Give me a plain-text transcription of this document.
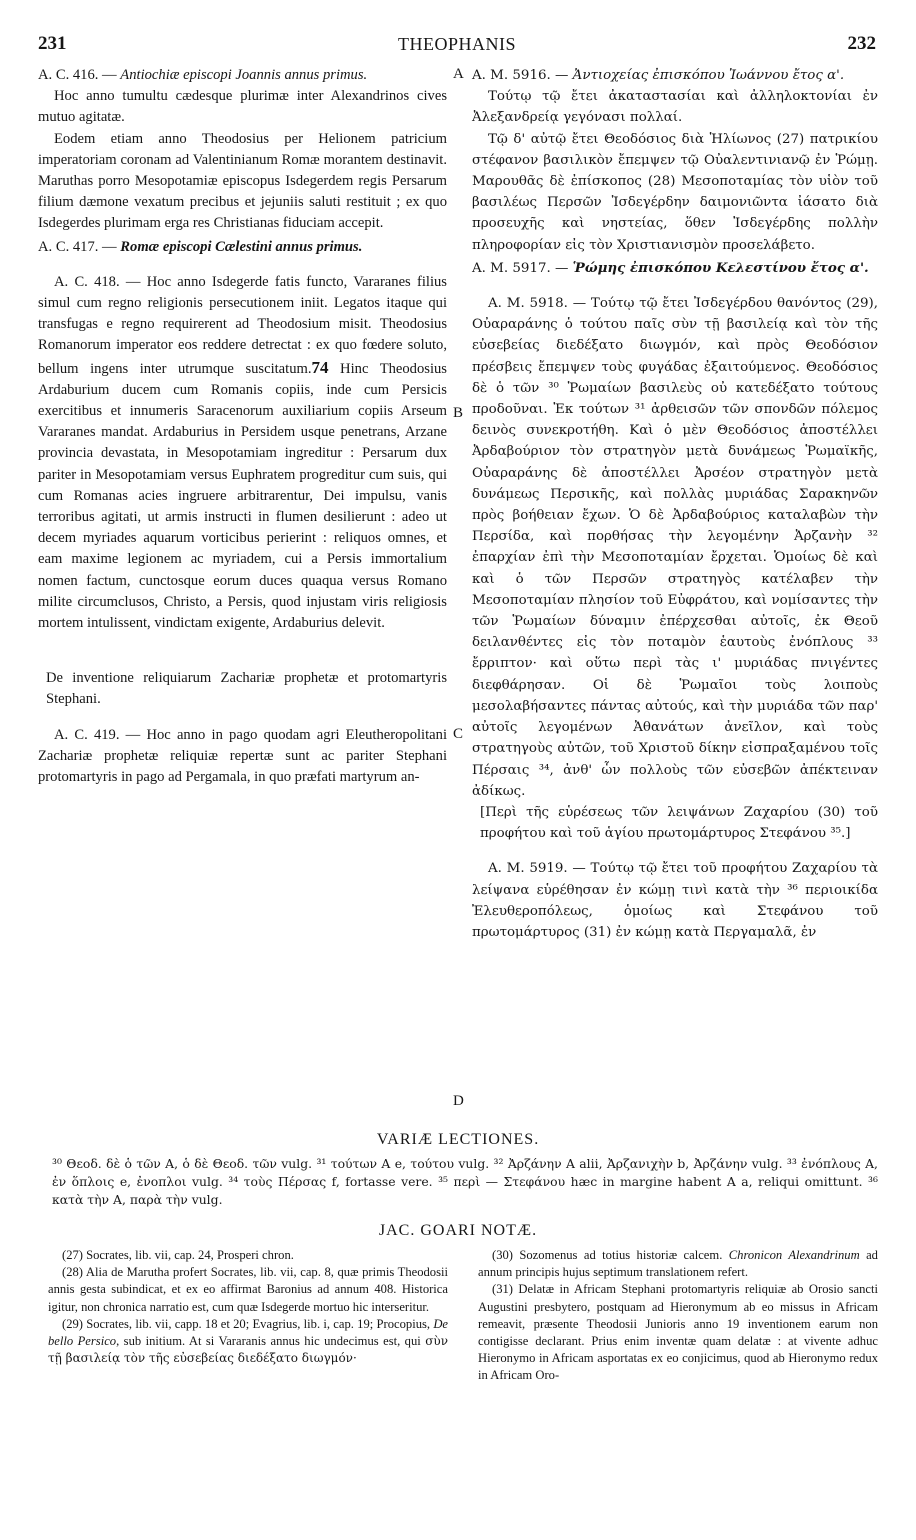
231	THEOPHANIS	232
A
B
C
D

A. C. 416. — Antiochiæ episcopi Joannis annus primus.

Hoc anno tumultu cædesque plurimæ inter Alexandrinos cives mutuo agitatæ.

Eodem etiam anno Theodosius per Helionem patricium imperatoriam coronam ad Valentinianum Romæ morantem destinavit. Maruthas porro Mesopotamiæ episcopus Isdegerdem regis Persarum filium dæmone vexatum precibus et jejuniis saluti restituit ; ex quo Isdegerdes plurimam erga res Christianas fiduciam accepit.

A. C. 417. — Romæ episcopi Cælestini annus primus.

A. C. 418. — Hoc anno Isdegerde fatis functo, Vararanes filius simul cum regno religionis persecutionem iniit. Legatos itaque qui transfugas e regno requirerent ad Theodosium misit. Theodosius Romanorum imperator eos reddere detrectat : ex quo fœdere soluto, bellum ingens inter utrumque suscitatum.74 Hinc Theodosius Ardaburium ducem cum Romanis copiis, inde cum Persicis exercitibus et innumeris Saracenorum auxiliarium copiis Arseum Vararanes mandat. Ardaburius in Persidem usque penetrans, Arzane provincia devastata, in Mesopotamiam ingreditur : Persarum dux pariter in Mesopotamiam versus Euphratem progreditur cum suis, qui cum Romanas acies ingruere arbitrarentur, Dei impulsu, vanis terroribus agitati, ut armis instructi in flumen desilierunt : adeo ut decem myriades aquarum vorticibus perierint : reliquos omnes, et eam maxime legionem ac myriadem, cui a Persis immortalium nomen factum, cunctosque eorum duces quaqua versus Romano milite circumclusos, Christo, a Persis, quod injustam viris religiosis mortem intulissent, vindictam exigente, Ardaburius delevit.

De inventione reliquiarum Zachariæ prophetæ et protomartyris Stephani.

A. C. 419. — Hoc anno in pago quodam agri Eleutheropolitani Zachariæ prophetæ reliquiæ repertæ sunt ac pariter Stephani protomartyris in pago ad Pergamala, in quo præfati martyrum an-

A. M. 5916. — Ἀντιοχείας ἐπισκόπου Ἰωάννου ἔτος α'.

Τούτῳ τῷ ἔτει ἀκαταστασίαι καὶ ἀλληλοκτονίαι ἐν Ἀλεξανδρείᾳ γεγόνασι πολλαί.

Τῷ δ' αὐτῷ ἔτει Θεοδόσιος διὰ Ἡλίωνος (27) πατρικίου στέφανον βασιλικὸν ἔπεμψεν τῷ Οὐαλεντινιανῷ ἐν Ῥώμῃ. Μαρουθᾶς δὲ ἐπίσκοπος (28) Μεσοποταμίας τὸν υἱὸν τοῦ βασιλέως Περσῶν Ἰσδεγέρδην δαιμονιῶντα ἰάσατο διὰ προσευχῆς καὶ νηστείας, ὅθεν Ἰσδεγέρδης πολλὴν πληροφορίαν εἰς τὸν Χριστιανισμὸν προσελάβετο.

A. M. 5917. — Ῥώμης ἐπισκόπου Κελεστίνου ἔτος α'.

A. M. 5918. — Τούτῳ τῷ ἔτει Ἰσδεγέρδου θανόντος (29), Οὐαραράνης ὁ τούτου παῖς σὺν τῇ βασιλείᾳ καὶ τὸν τῆς εὐσεβείας διεδέξατο διωγμόν, καὶ πρὸς Θεοδόσιον πρέσβεις ἔπεμψεν τοὺς φυγάδας ἐξαιτούμενος. Θεοδόσιος δὲ ὁ τῶν ³⁰ Ῥωμαίων βασιλεὺς οὐ κατεδέξατο τούτους προδοῦναι. Ἐκ τούτων ³¹ ἀρθεισῶν τῶν σπονδῶν πόλεμος δεινὸς συνεκροτήθη. Καὶ ὁ μὲν Θεοδόσιος ἀποστέλλει Ἀρδαβούριον τὸν στρατηγὸν μετὰ δυνάμεως Ῥωμαϊκῆς, Οὐαραράνης δὲ ἀποστέλλει Ἀρσέον στρατηγὸν μετὰ δυνάμεως Περσικῆς, καὶ πολλὰς μυριάδας Σαρακηνῶν πρὸς βοήθειαν ἔχων. Ὁ δὲ Ἀρδαβούριος καταλαβὼν τὴν Περσίδα, καὶ πορθήσας τὴν λεγομένην Ἀρζανὴν ³² ἐπαρχίαν ἐπὶ τὴν Μεσοποταμίαν ἔρχεται. Ὁμοίως δὲ καὶ καὶ ὁ τῶν Περσῶν στρατηγὸς κατέλαβεν τὴν Μεσοποταμίαν πλησίον τοῦ Εὐφράτου, καὶ νομίσαντες τὴν τῶν Ῥωμαίων δύναμιν ἐπέρχεσθαι αὐτοῖς, ἐκ Θεοῦ δειλανθέντες εἰς τὸν ποταμὸν ἑαυτοὺς ἐνόπλους ³³ ἔρριπτον· καὶ οὕτω περὶ τὰς ι' μυριάδας πνιγέντες διεφθάρησαν. Οἱ δὲ Ῥωμαῖοι τοὺς λοιποὺς μεσολαβήσαντες πάντας αὐτούς, καὶ τὴν μυριάδα τῶν παρ' αὐτοῖς λεγομένων Ἀθανάτων ἀνεῖλον, καὶ τοὺς στρατηγοὺς αὐτῶν, τοῦ Χριστοῦ δίκην εἰσπραξαμένου τοῖς Πέρσαις ³⁴, ἀνθ' ὧν πολλοὺς τῶν εὐσεβῶν ἀπέκτειναν ἀδίκως.

[Περὶ τῆς εὑρέσεως τῶν λειψάνων Ζαχαρίου (30) τοῦ προφήτου καὶ τοῦ ἁγίου πρωτομάρτυρος Στεφάνου ³⁵.]

A. M. 5919. — Τούτῳ τῷ ἔτει τοῦ προφήτου Ζαχαρίου τὰ λείψανα εὑρέθησαν ἐν κώμῃ τινὶ κατὰ τὴν ³⁶ περιοικίδα Ἐλευθεροπόλεως, ὁμοίως καὶ Στεφάνου τοῦ πρωτομάρτυρος (31) ἐν κώμῃ κατὰ Περγαμαλᾶ, ἐν

VARIÆ LECTIONES.
³⁰ Θεοδ. δὲ ὁ τῶν A, ὁ δὲ Θεοδ. τῶν vulg. ³¹ τούτων A e, τούτου vulg. ³² Ἀρζάνην A alii, Ἀρζανιχὴν b, Ἀρζάνην vulg. ³³ ἐνόπλους A, ἐν ὅπλοις e, ἐνοπλοι vulg. ³⁴ τοὺς Πέρσας f, fortasse vere. ³⁵ περὶ — Στεφάνου hæc in margine habent A a, reliqui omittunt. ³⁶ κατὰ τὴν A, παρὰ τὴν vulg.
JAC. GOARI NOTÆ.

(27) Socrates, lib. vii, cap. 24, Prosperi chron.

(28) Alia de Marutha profert Socrates, lib. vii, cap. 8, quæ primis Theodosii annis gesta subindicat, et ex eo affirmat Baronius ad annum 408. Historica igitur, non chronica narratio est, cum quæ Isdegerde mortuo hic interseritur.

(29) Socrates, lib. vii, capp. 18 et 20; Evagrius, lib. i, cap. 19; Procopius, De bello Persico, sub initium. At si Vararanis annus hic undecimus est, qui σὺν τῇ βασιλείᾳ τὸν τῆς εὐσεβείας διεδέξατο διωγμόν·

(30) Sozomenus ad totius historiæ calcem. Chronicon Alexandrinum ad annum principis hujus septimum translationem refert.

(31) Delatæ in Africam Stephani protomartyris reliquiæ ab Orosio sancti Augustini presbytero, postquam ad Hieronymum ab eo missus in Africam remeavit, præsente Theodosii Junioris anno 19 inventionem earum non contigisse declarant. Prius enim inventæ quam delatæ : at vivente adhuc Hieronymo in Africam asportatas ex eo conjicimus, quod ab Hieronymo redux in Africam Oro-
